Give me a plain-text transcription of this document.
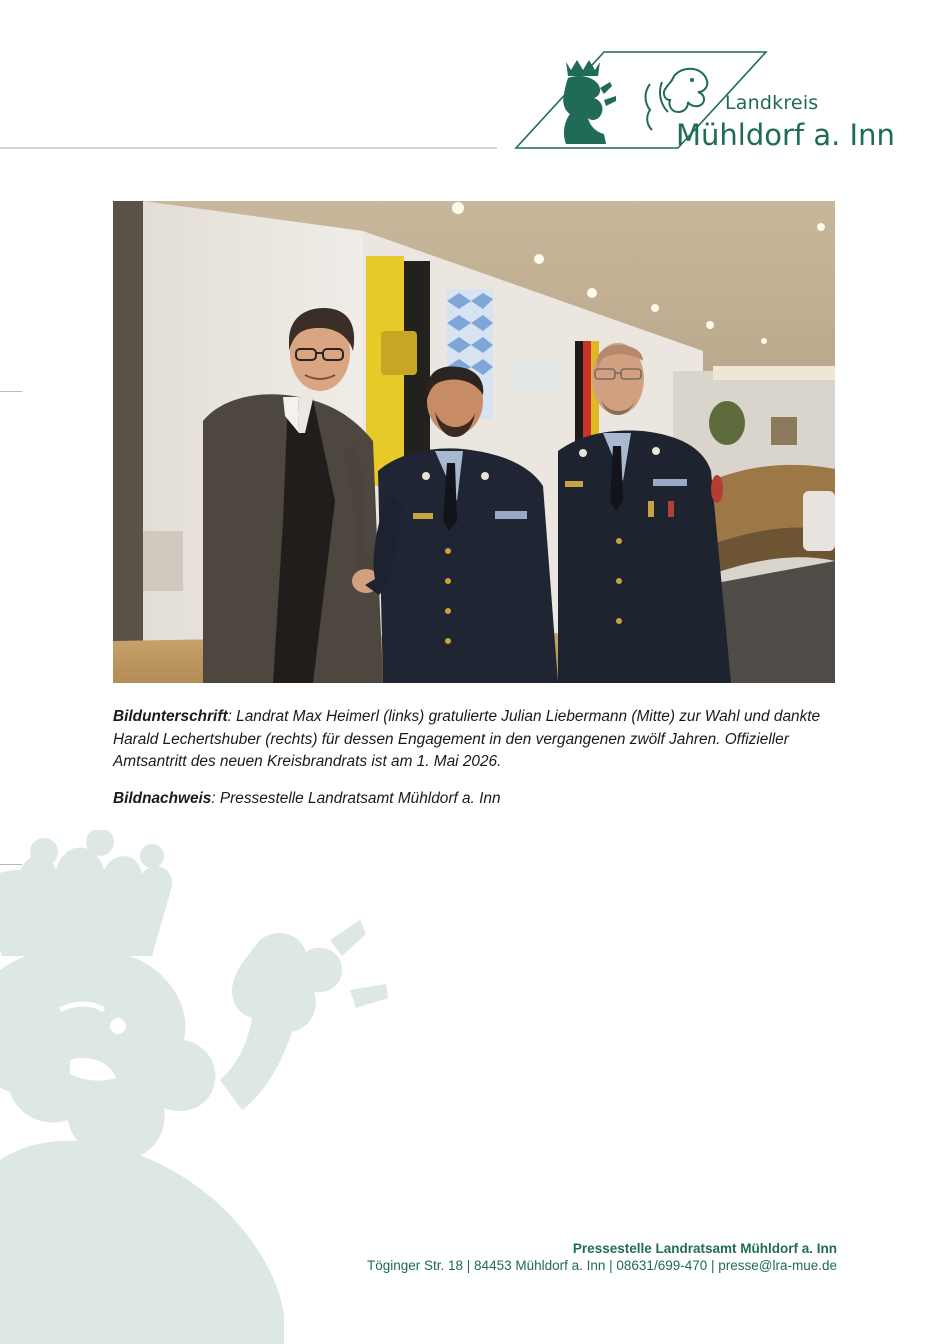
Landkreis
Mühldorf a. Inn

Bildunterschrift: Landrat Max Heimerl (links) gratulierte Julian Liebermann (Mitte) zur Wahl und dankte Harald Lechertshuber (rechts) für dessen Engagement in den vergangenen zwölf Jahren. Offizieller Amtsantritt des neuen Kreisbrandrats ist am 1. Mai 2026.

Bildnachweis: Pressestelle Landratsamt Mühldorf a. Inn

Pressestelle Landratsamt Mühldorf a. Inn
Töginger Str. 18 | 84453 Mühldorf a. Inn | 08631/699-470 | presse@lra-mue.de
